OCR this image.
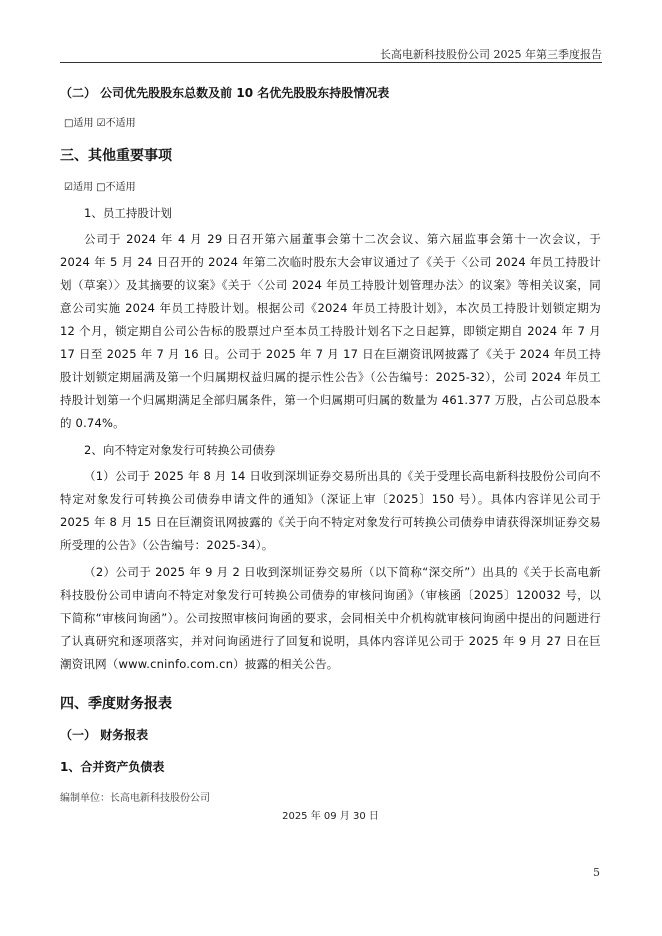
长高电新科技股份公司 2025 年第三季度报告

（二） 公司优先股股东总数及前 10 名优先股股东持股情况表

□适用 ☑不适用

三、其他重要事项

☑适用 □不适用

1、员工持股计划

公司于 2024 年 4 月 29 日召开第六届董事会第十二次会议、第六届监事会第十一次会议，于 2024 年 5 月 24 日召开的 2024 年第二次临时股东大会审议通过了《关于〈公司 2024 年员工持股计划（草案）〉及其摘要的议案》《关于〈公司 2024 年员工持股计划管理办法〉的议案》等相关议案，同意公司实施 2024 年员工持股计划。根据公司《2024 年员工持股计划》，本次员工持股计划锁定期为 12 个月，锁定期自公司公告标的股票过户至本员工持股计划名下之日起算，即锁定期自 2024 年 7 月 17 日至 2025 年 7 月 16 日。公司于 2025 年 7 月 17 日在巨潮资讯网披露了《关于 2024 年员工持股计划锁定期届满及第一个归属期权益归属的提示性公告》（公告编号：2025-32），公司 2024 年员工持股计划第一个归属期满足全部归属条件，第一个归属期可归属的数量为 461.377 万股，占公司总股本的 0.74%。

2、向不特定对象发行可转换公司债券

（1）公司于 2025 年 8 月 14 日收到深圳证券交易所出具的《关于受理长高电新科技股份公司向不特定对象发行可转换公司债券申请文件的通知》（深证上审〔2025〕150 号）。具体内容详见公司于 2025 年 8 月 15 日在巨潮资讯网披露的《关于向不特定对象发行可转换公司债券申请获得深圳证券交易所受理的公告》（公告编号：2025-34）。

（2）公司于 2025 年 9 月 2 日收到深圳证券交易所（以下简称“深交所”）出具的《关于长高电新科技股份公司申请向不特定对象发行可转换公司债券的审核问询函》（审核函〔2025〕120032 号，以下简称“审核问询函”）。公司按照审核问询函的要求，会同相关中介机构就审核问询函中提出的问题进行了认真研究和逐项落实，并对问询函进行了回复和说明，具体内容详见公司于 2025 年 9 月 27 日在巨潮资讯网（www.cninfo.com.cn）披露的相关公告。

四、季度财务报表

（一） 财务报表

1、合并资产负债表

编制单位：长高电新科技股份公司

2025 年 09 月 30 日

5
